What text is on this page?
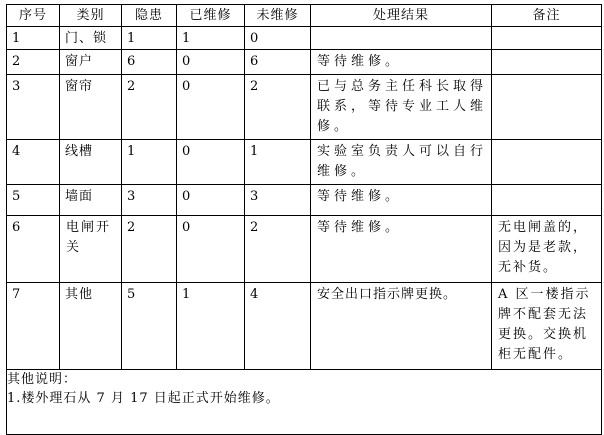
序号	类别	隐患	已维修	未维修	处理结果	备注
1	门、锁	1	1	0		
2	窗户	6	0	6	等待维修。	
3	窗帘	2	0	2	已与总务主任科长取得联系，等待专业工人维修。	
4	线槽	1	0	1	实验室负责人可以自行维修。	
5	墙面	3	0	3	等待维修。	
6	电闸开关	2	0	2	等待维修。	无电闸盖的，因为是老款，无补货。
7	其他	5	1	4	安全出口指示牌更换。	A 区一楼指示牌不配套无法更换。交换机柜无配件。

其他说明：
1.楼外理石从 7 月 17 日起正式开始维修。						
